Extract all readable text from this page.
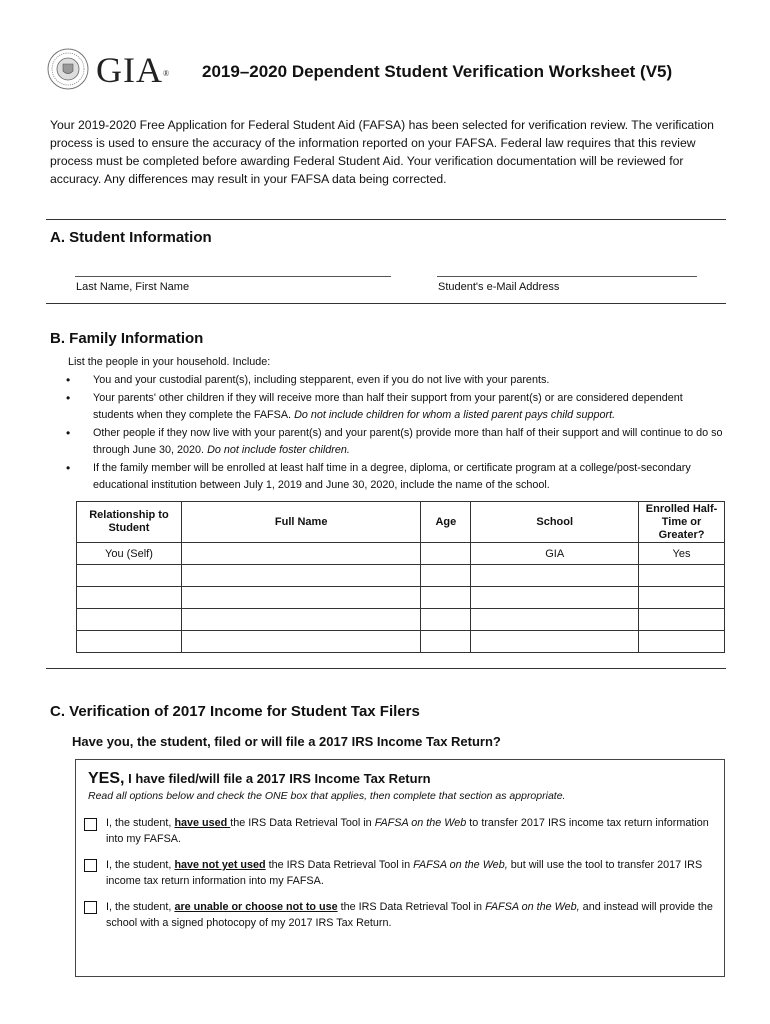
GIA® 2019–2020 Dependent Student Verification Worksheet (V5)
Your 2019-2020 Free Application for Federal Student Aid (FAFSA) has been selected for verification review. The verification process is used to ensure the accuracy of the information reported on your FAFSA. Federal law requires that this review process must be completed before awarding Federal Student Aid. Your verification documentation will be reviewed for accuracy. Any differences may result in your FAFSA data being corrected.
A. Student Information
Last Name, First Name	Student's e-Mail Address
B. Family Information
List the people in your household. Include:
• You and your custodial parent(s), including stepparent, even if you do not live with your parents.
• Your parents' other children if they will receive more than half their support from your parent(s) or are considered dependent students when they complete the FAFSA. Do not include children for whom a listed parent pays child support.
• Other people if they now live with your parent(s) and your parent(s) provide more than half of their support and will continue to do so through June 30, 2020. Do not include foster children.
• If the family member will be enrolled at least half time in a degree, diploma, or certificate program at a college/post-secondary educational institution between July 1, 2019 and June 30, 2020, include the name of the school.
Relationship to Student	Full Name	Age	School	Enrolled Half-Time or Greater?
You (Self)			GIA	Yes

C. Verification of 2017 Income for Student Tax Filers
Have you, the student, filed or will file a 2017 IRS Income Tax Return?
YES, I have filed/will file a 2017 IRS Income Tax Return
Read all options below and check the ONE box that applies, then complete that section as appropriate.
I, the student, have used the IRS Data Retrieval Tool in FAFSA on the Web to transfer 2017 IRS income tax return information into my FAFSA.
I, the student, have not yet used the IRS Data Retrieval Tool in FAFSA on the Web, but will use the tool to transfer 2017 IRS income tax return information into my FAFSA.
I, the student, are unable or choose not to use the IRS Data Retrieval Tool in FAFSA on the Web, and instead will provide the school with a signed photocopy of my 2017 IRS Tax Return.
